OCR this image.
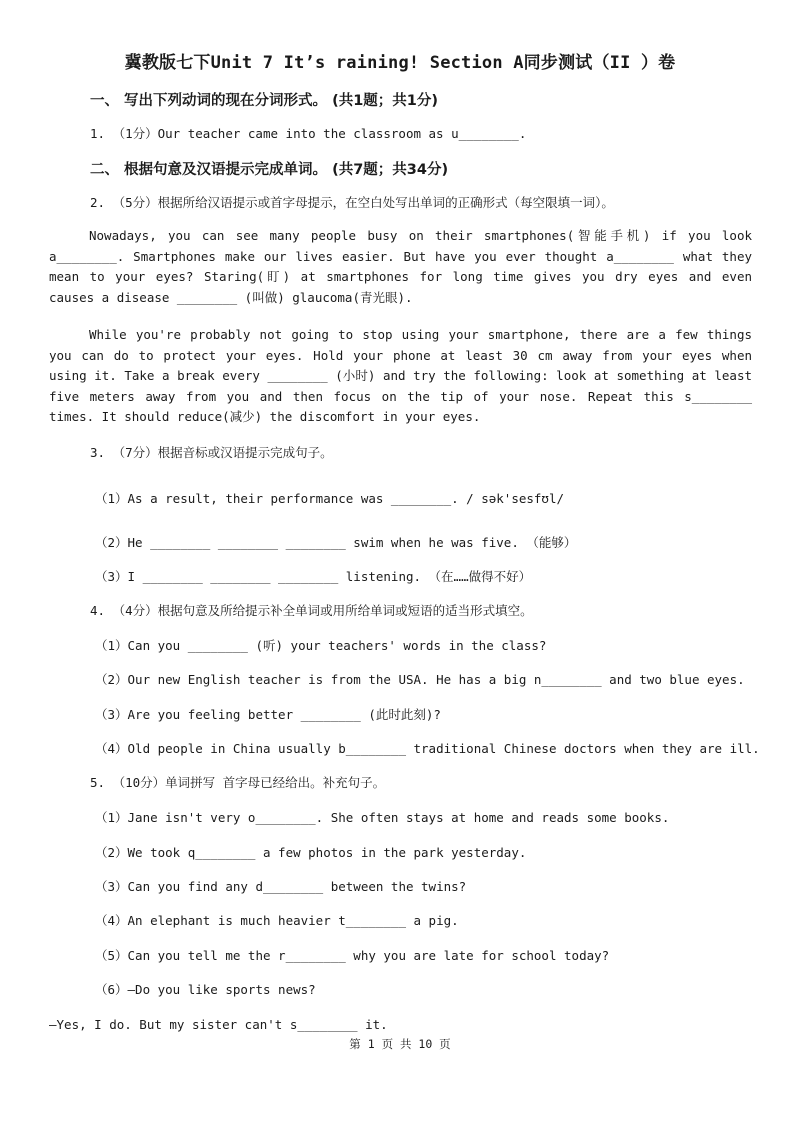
冀教版七下Unit 7 It’s raining! Section A同步测试（II ）卷
一、 写出下列动词的现在分词形式。 (共1题；共1分)
1. （1分）Our teacher came into the classroom as u________.
二、 根据句意及汉语提示完成单词。 (共7题；共34分)
2. （5分）根据所给汉语提示或首字母提示，在空白处写出单词的正确形式（每空限填一词）。
Nowadays, you can see many people busy on their smartphones(智能手机) if you look a________. Smartphones make our lives easier. But have you ever thought a________ what they mean to your eyes? Staring(盯) at smartphones for long time gives you dry eyes and even causes a disease ________ (叫做) glaucoma(青光眼).
While you're probably not going to stop using your smartphone, there are a few things you can do to protect your eyes. Hold your phone at least 30 cm away from your eyes when using it. Take a break every ________ (小时) and try the following: look at something at least five meters away from you and then focus on the tip of your nose. Repeat this s________ times. It should reduce(减少) the discomfort in your eyes.
3. （7分）根据音标或汉语提示完成句子。
（1）As a result, their performance was ________. / sək'sesfʊl/
（2）He ________ ________ ________ swim when he was five. （能够）
（3）I ________ ________ ________ listening. （在……做得不好）
4. （4分）根据句意及所给提示补全单词或用所给单词或短语的适当形式填空。
（1）Can you ________ (听) your teachers' words in the class?
（2）Our new English teacher is from the USA. He has a big n________ and two blue eyes.
（3）Are you feeling better ________ (此时此刻)?
（4）Old people in China usually b________ traditional Chinese doctors when they are ill.
5. （10分）单词拼写 首字母已经给出。补充句子。
（1）Jane isn't very o________. She often stays at home and reads some books.
（2）We took q________ a few photos in the park yesterday.
（3）Can you find any d________ between the twins?
（4）An elephant is much heavier t________ a pig.
（5）Can you tell me the r________ why you are late for school today?
（6）—Do you like sports news?
—Yes, I do. But my sister can't s________ it.
第 1 页 共 10 页
